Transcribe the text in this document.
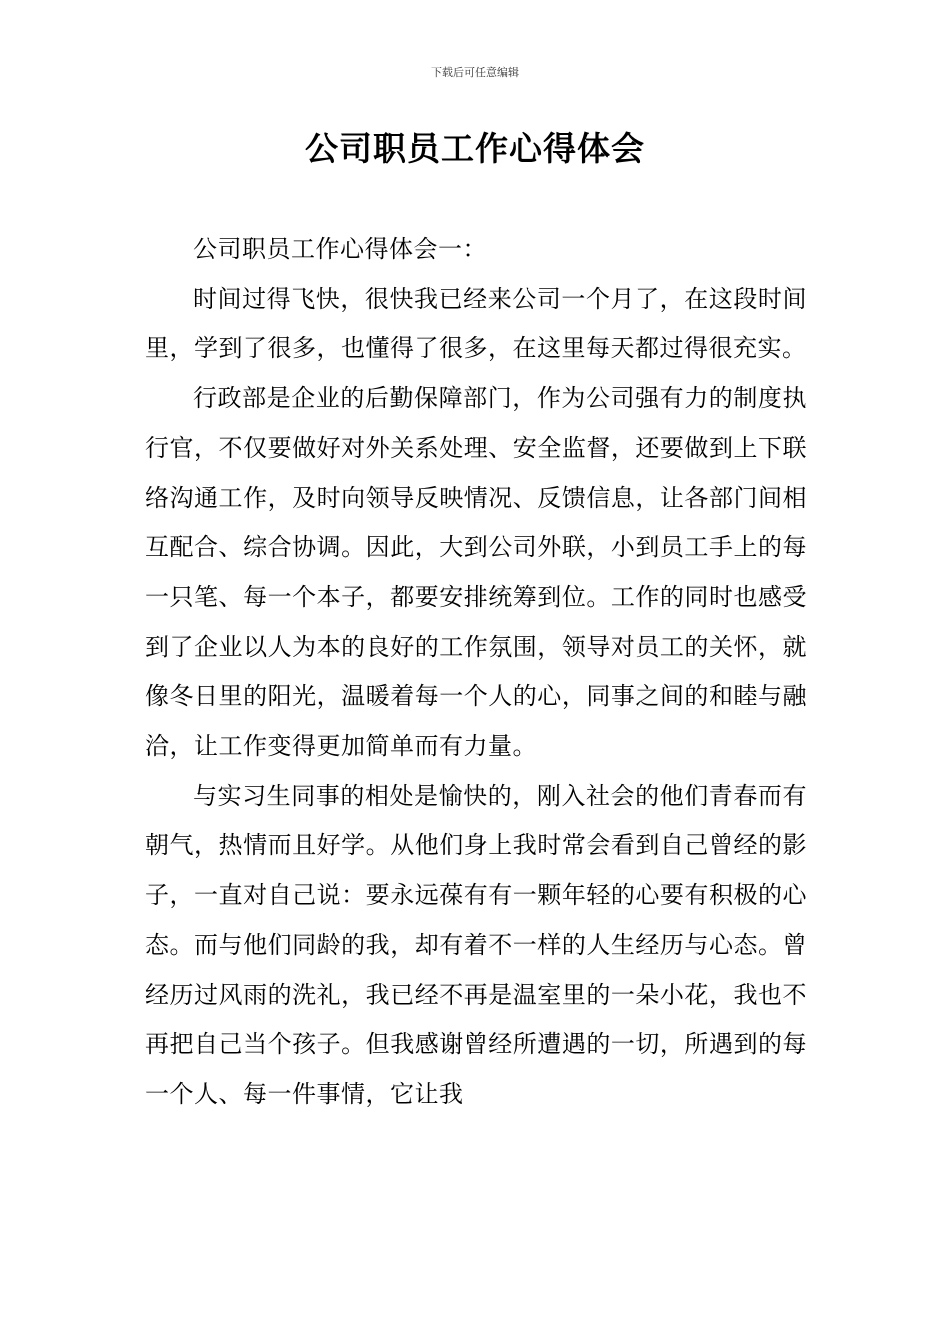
下载后可任意编辑
公司职员工作心得体会

公司职员工作心得体会一：

时间过得飞快，很快我已经来公司一个月了，在这段时间里，学到了很多，也懂得了很多，在这里每天都过得很充实。

行政部是企业的后勤保障部门，作为公司强有力的制度执行官，不仅要做好对外关系处理、安全监督，还要做到上下联络沟通工作，及时向领导反映情况、反馈信息，让各部门间相互配合、综合协调。因此，大到公司外联，小到员工手上的每一只笔、每一个本子，都要安排统筹到位。工作的同时也感受到了企业以人为本的良好的工作氛围，领导对员工的关怀，就像冬日里的阳光，温暖着每一个人的心，同事之间的和睦与融洽，让工作变得更加简单而有力量。

与实习生同事的相处是愉快的，刚入社会的他们青春而有朝气，热情而且好学。从他们身上我时常会看到自己曾经的影子，一直对自己说：要永远葆有有一颗年轻的心要有积极的心态。而与他们同龄的我，却有着不一样的人生经历与心态。曾经历过风雨的洗礼，我已经不再是温室里的一朵小花，我也不再把自己当个孩子。但我感谢曾经所遭遇的一切，所遇到的每一个人、每一件事情，它让我
